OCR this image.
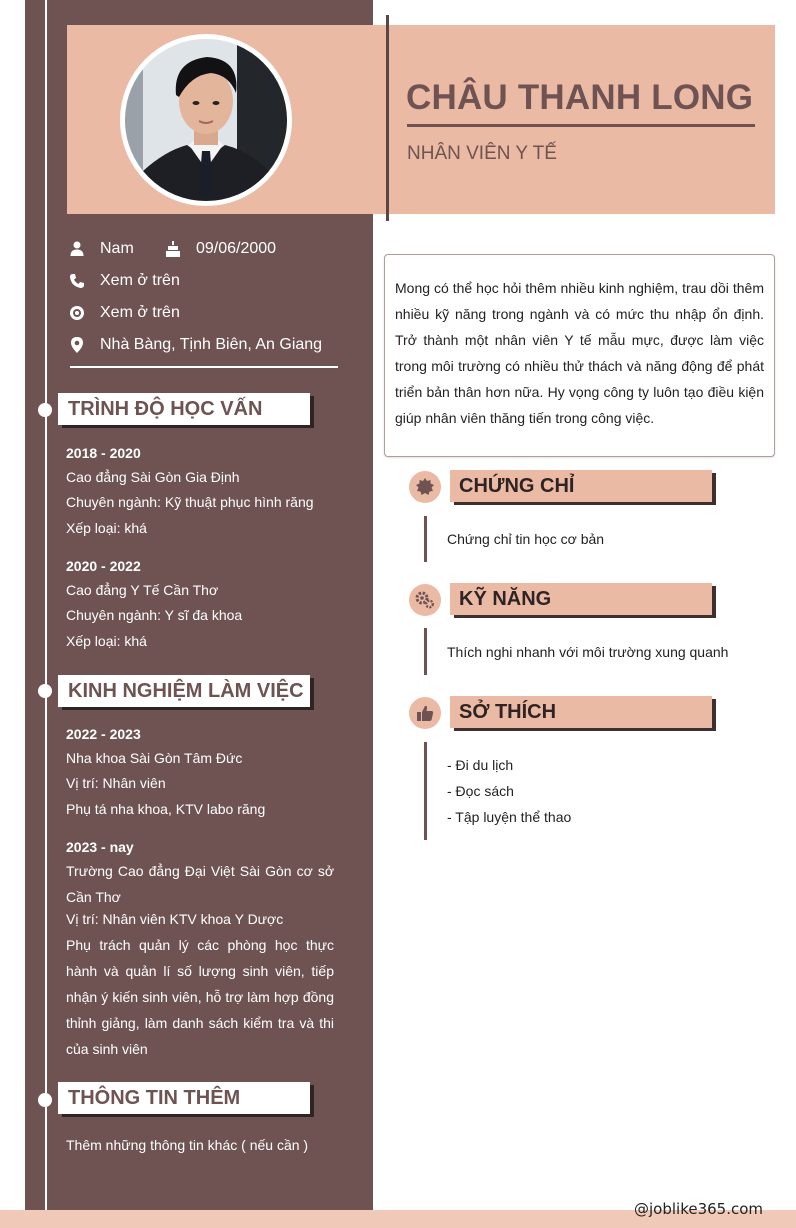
@joblike365.com
CHÂU THANH LONG
NHÂN VIÊN Y TẾ
Nam	09/06/2000
Xem ở trên
Xem ở trên
Nhà Bàng, Tịnh Biên, An Giang
TRÌNH ĐỘ HỌC VẤN
2018 - 2020
Cao đẳng Sài Gòn Gia Định
Chuyên ngành: Kỹ thuật phục hình răng
Xếp loại: khá
2020 - 2022
Cao đẳng Y Tế Cần Thơ
Chuyên ngành: Y sĩ đa khoa
Xếp loại: khá
KINH NGHIỆM LÀM VIỆC
2022 - 2023
Nha khoa Sài Gòn Tâm Đức
Vị trí: Nhân viên
Phụ tá nha khoa, KTV labo răng
2023 - nay
Trường Cao đẳng Đại Việt Sài Gòn cơ sở Cần Thơ
Vị trí: Nhân viên KTV khoa Y Dược
Phụ trách quản lý các phòng học thực hành và quản lí số lượng sinh viên, tiếp nhận ý kiến sinh viên, hỗ trợ làm hợp đồng thỉnh giảng, làm danh sách kiểm tra và thi của sinh viên
THÔNG TIN THÊM
Thêm những thông tin khác ( nếu cần )
Mong có thể học hỏi thêm nhiều kinh nghiệm, trau dồi thêm nhiều kỹ năng trong ngành và có mức thu nhập ổn định. Trở thành một nhân viên Y tế mẫu mực, được làm việc trong môi trường có nhiều thử thách và năng động để phát triển bản thân hơn nữa. Hy vọng công ty luôn tạo điều kiện giúp nhân viên thăng tiến trong công việc.
CHỨNG CHỈ
Chứng chỉ tin học cơ bản
KỸ NĂNG
Thích nghi nhanh với môi trường xung quanh
SỞ THÍCH
- Đi du lịch
- Đọc sách
- Tập luyện thể thao
